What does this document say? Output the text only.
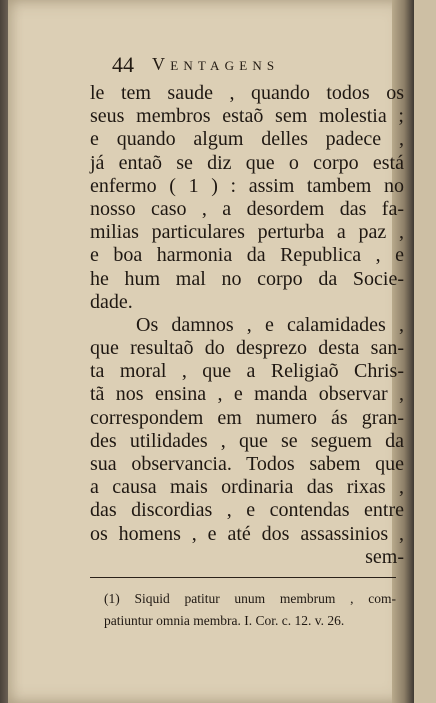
44 Ventagens
le tem saude , quando todos os
seus membros estaõ sem molestia ;
e quando algum delles padece ,
já entaõ se diz que o corpo está
enfermo ( 1 ) : assim tambem no
nosso caso , a desordem das fa-
milias particulares perturba a paz ,
e boa harmonia da Republica , e
he hum mal no corpo da Socie-
dade.
Os damnos , e calamidades ,
que resultaõ do desprezo desta san-
ta moral , que a Religiaõ Chris-
tã nos ensina , e manda observar ,
correspondem em numero ás gran-
des utilidades , que se seguem da
sua observancia. Todos sabem que
a causa mais ordinaria das rixas ,
das discordias , e contendas entre
os homens , e até dos assassinios ,
sem-
(1) Siquid patitur unum membrum , com-
patiuntur omnia membra. I. Cor. c. 12. v. 26.
